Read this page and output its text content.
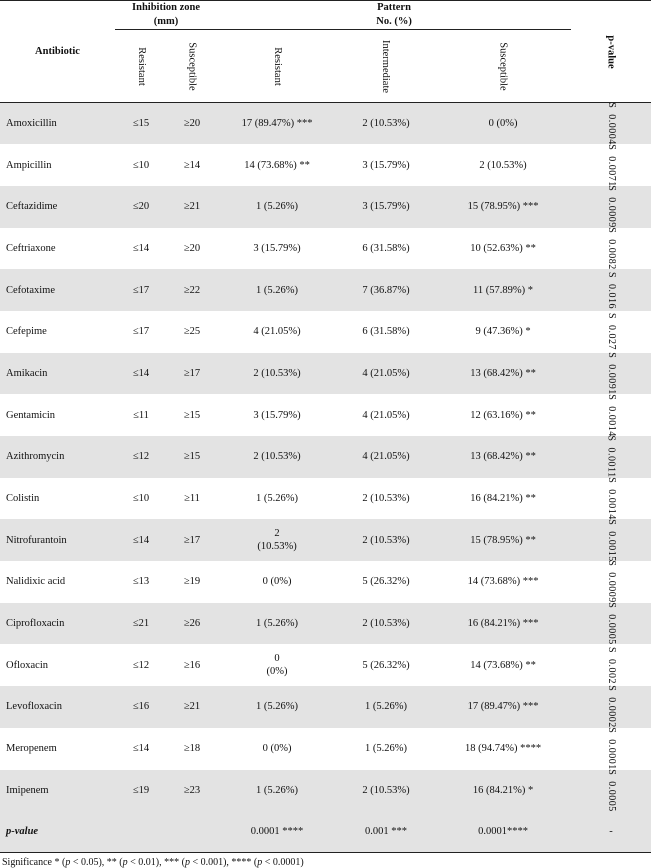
Antibiotic	Inhibition zone		Pattern			p-value
	(mm)		No. (%)			
	Resistant	Susceptible	Resistant	Intermediate	Susceptible	
Amoxicillin	≤15	≥20	17 (89.47%) ***	2 (10.53%)	0 (0%)	S  0.0004
Ampicillin	≤10	≥14	14 (73.68%) **	3 (15.79%)	2 (10.53%)	S  0.0071
Ceftazidime	≤20	≥21	1 (5.26%)	3 (15.79%)	15 (78.95%) ***	S  0.0009
Ceftriaxone	≤14	≥20	3 (15.79%)	6 (31.58%)	10 (52.63%) **	S  0.0082
Cefotaxime	≤17	≥22	1 (5.26%)	7 (36.87%)	11 (57.89%) *	S  0.016
Cefepime	≤17	≥25	4 (21.05%)	6 (31.58%)	9 (47.36%) *	S  0.027
Amikacin	≤14	≥17	2 (10.53%)	4 (21.05%)	13 (68.42%) **	S  0.0091
Gentamicin	≤11	≥15	3 (15.79%)	4 (21.05%)	12 (63.16%) **	S  0.0014
Azithromycin	≤12	≥15	2 (10.53%)	4 (21.05%)	13 (68.42%) **	S  0.0011
Colistin	≤10	≥11	1 (5.26%)	2 (10.53%)	16 (84.21%) **	S  0.0014
Nitrofurantoin	≤14	≥17	2
(10.53%)	2 (10.53%)	15 (78.95%) **	S  0.0015
Nalidixic acid	≤13	≥19	0 (0%)	5 (26.32%)	14 (73.68%) ***	S  0.0009
Ciprofloxacin	≤21	≥26	1 (5.26%)	2 (10.53%)	16 (84.21%) ***	S  0.0005
Ofloxacin	≤12	≥16	0
(0%)	5 (26.32%)	14 (73.68%) **	S  0.002
Levofloxacin	≤16	≥21	1 (5.26%)	1 (5.26%)	17 (89.47%) ***	S  0.0002
Meropenem	≤14	≥18	0 (0%)	1 (5.26%)	18 (94.74%) ****	S  0.0001
Imipenem	≤19	≥23	1 (5.26%)	2 (10.53%)	16 (84.21%) *	S  0.0005
p-value			0.0001 ****	0.001 ***	0.0001****	-
Significance * (p < 0.05), ** (p < 0.01), *** (p < 0.001), **** (p < 0.0001)
